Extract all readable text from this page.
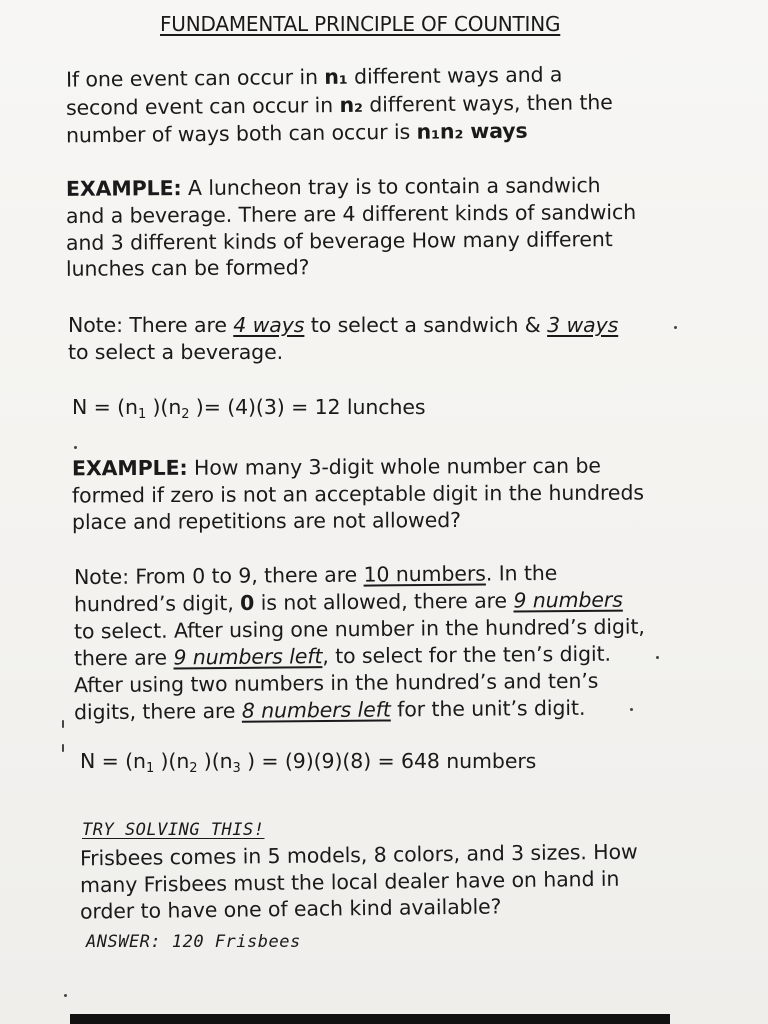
FUNDAMENTAL PRINCIPLE OF COUNTING
If one event can occur in n₁ different ways and a
second event can occur in n₂ different ways, then the
number of ways both can occur is n₁n₂ ways
EXAMPLE: A luncheon tray is to contain a sandwich
and a beverage. There are 4 different kinds of sandwich
and 3 different kinds of beverage How many different
lunches can be formed?
Note: There are 4 ways to select a sandwich & 3 ways
to select a beverage.
$N = (n_1$ )($n_2$ )= (4)(3) = 12 lunches
EXAMPLE: How many 3-digit whole number can be
formed if zero is not an acceptable digit in the hundreds
place and repetitions are not allowed?
Note: From 0 to 9, there are 10 numbers. In the
hundred’s digit, 0 is not allowed, there are 9 numbers
to select. After using one number in the hundred’s digit,
there are 9 numbers left, to select for the ten’s digit.
After using two numbers in the hundred’s and ten’s
digits, there are 8 numbers left for the unit’s digit.
$N = (n_1$ )($n_2$ )($n_3$ ) = (9)(9)(8) = 648 numbers
TRY SOLVING THIS!
Frisbees comes in 5 models, 8 colors, and 3 sizes. How
many Frisbees must the local dealer have on hand in
order to have one of each kind available?
ANSWER: 120 Frisbees
